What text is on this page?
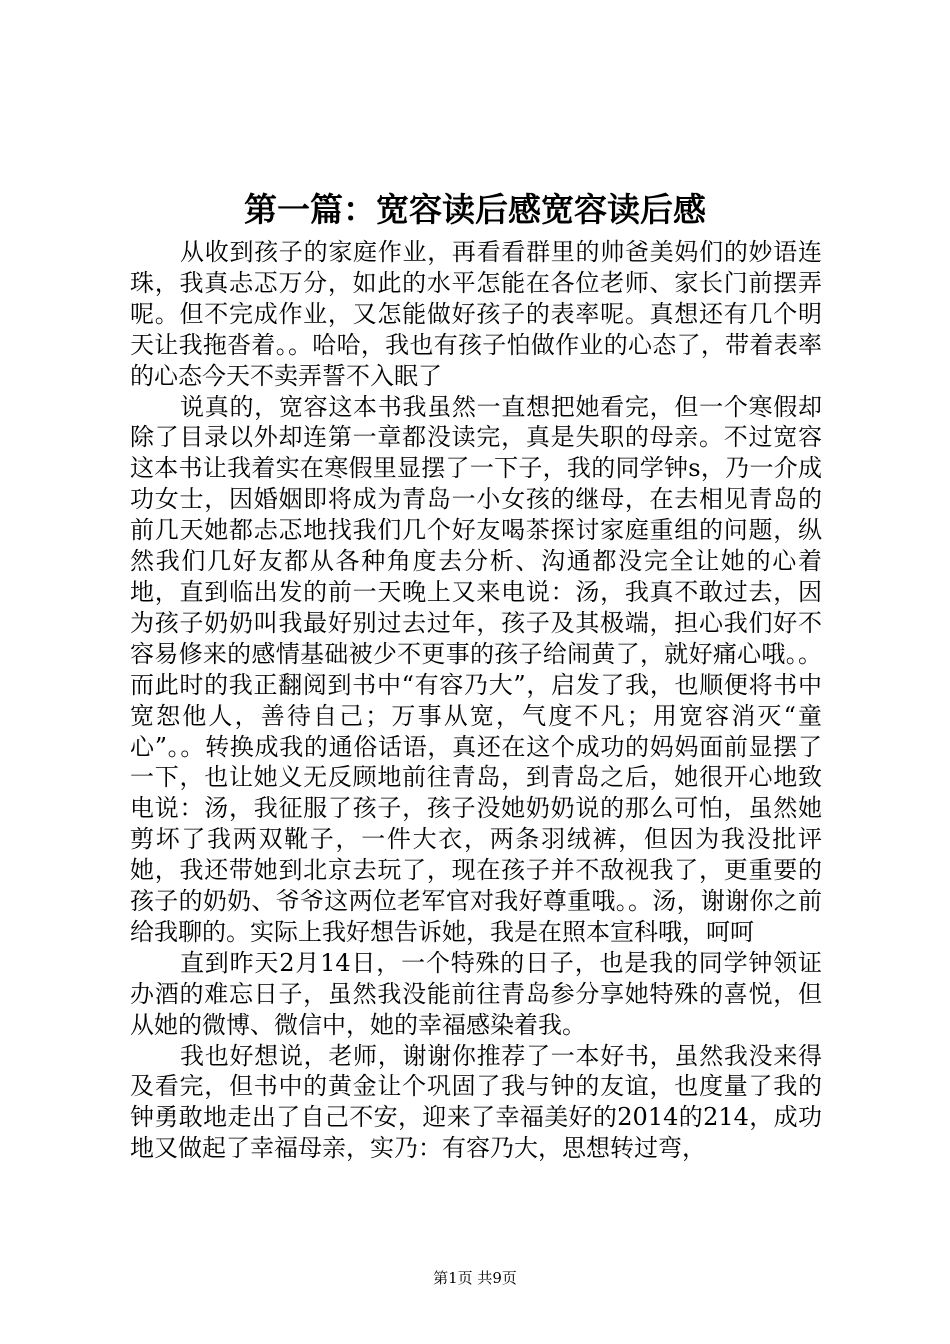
第一篇：宽容读后感宽容读后感

从收到孩子的家庭作业，再看看群里的帅爸美妈们的妙语连珠，我真忐忑万分，如此的水平怎能在各位老师、家长门前摆弄呢。但不完成作业，又怎能做好孩子的表率呢。真想还有几个明天让我拖沓着。。哈哈，我也有孩子怕做作业的心态了，带着表率的心态今天不卖弄誓不入眠了

说真的，宽容这本书我虽然一直想把她看完，但一个寒假却除了目录以外却连第一章都没读完，真是失职的母亲。不过宽容这本书让我着实在寒假里显摆了一下子，我的同学钟s，乃一介成功女士，因婚姻即将成为青岛一小女孩的继母，在去相见青岛的前几天她都忐忑地找我们几个好友喝茶探讨家庭重组的问题，纵然我们几好友都从各种角度去分析、沟通都没完全让她的心着地，直到临出发的前一天晚上又来电说：汤，我真不敢过去，因为孩子奶奶叫我最好别过去过年，孩子及其极端，担心我们好不容易修来的感情基础被少不更事的孩子给闹黄了，就好痛心哦。。而此时的我正翻阅到书中“有容乃大”，启发了我，也顺便将书中宽恕他人，善待自己；万事从宽，气度不凡；用宽容消灭“童心”。。转换成我的通俗话语，真还在这个成功的妈妈面前显摆了一下，也让她义无反顾地前往青岛，到青岛之后，她很开心地致电说：汤，我征服了孩子，孩子没她奶奶说的那么可怕，虽然她剪坏了我两双靴子，一件大衣，两条羽绒裤，但因为我没批评她，我还带她到北京去玩了，现在孩子并不敌视我了，更重要的孩子的奶奶、爷爷这两位老军官对我好尊重哦。。汤，谢谢你之前给我聊的。实际上我好想告诉她，我是在照本宣科哦，呵呵

直到昨天2月14日，一个特殊的日子，也是我的同学钟领证办酒的难忘日子，虽然我没能前往青岛参分享她特殊的喜悦，但从她的微博、微信中，她的幸福感染着我。

我也好想说，老师，谢谢你推荐了一本好书，虽然我没来得及看完，但书中的黄金让个巩固了我与钟的友谊，也度量了我的钟勇敢地走出了自己不安，迎来了幸福美好的2014的214，成功地又做起了幸福母亲，实乃：有容乃大，思想转过弯，

第1页 共9页
